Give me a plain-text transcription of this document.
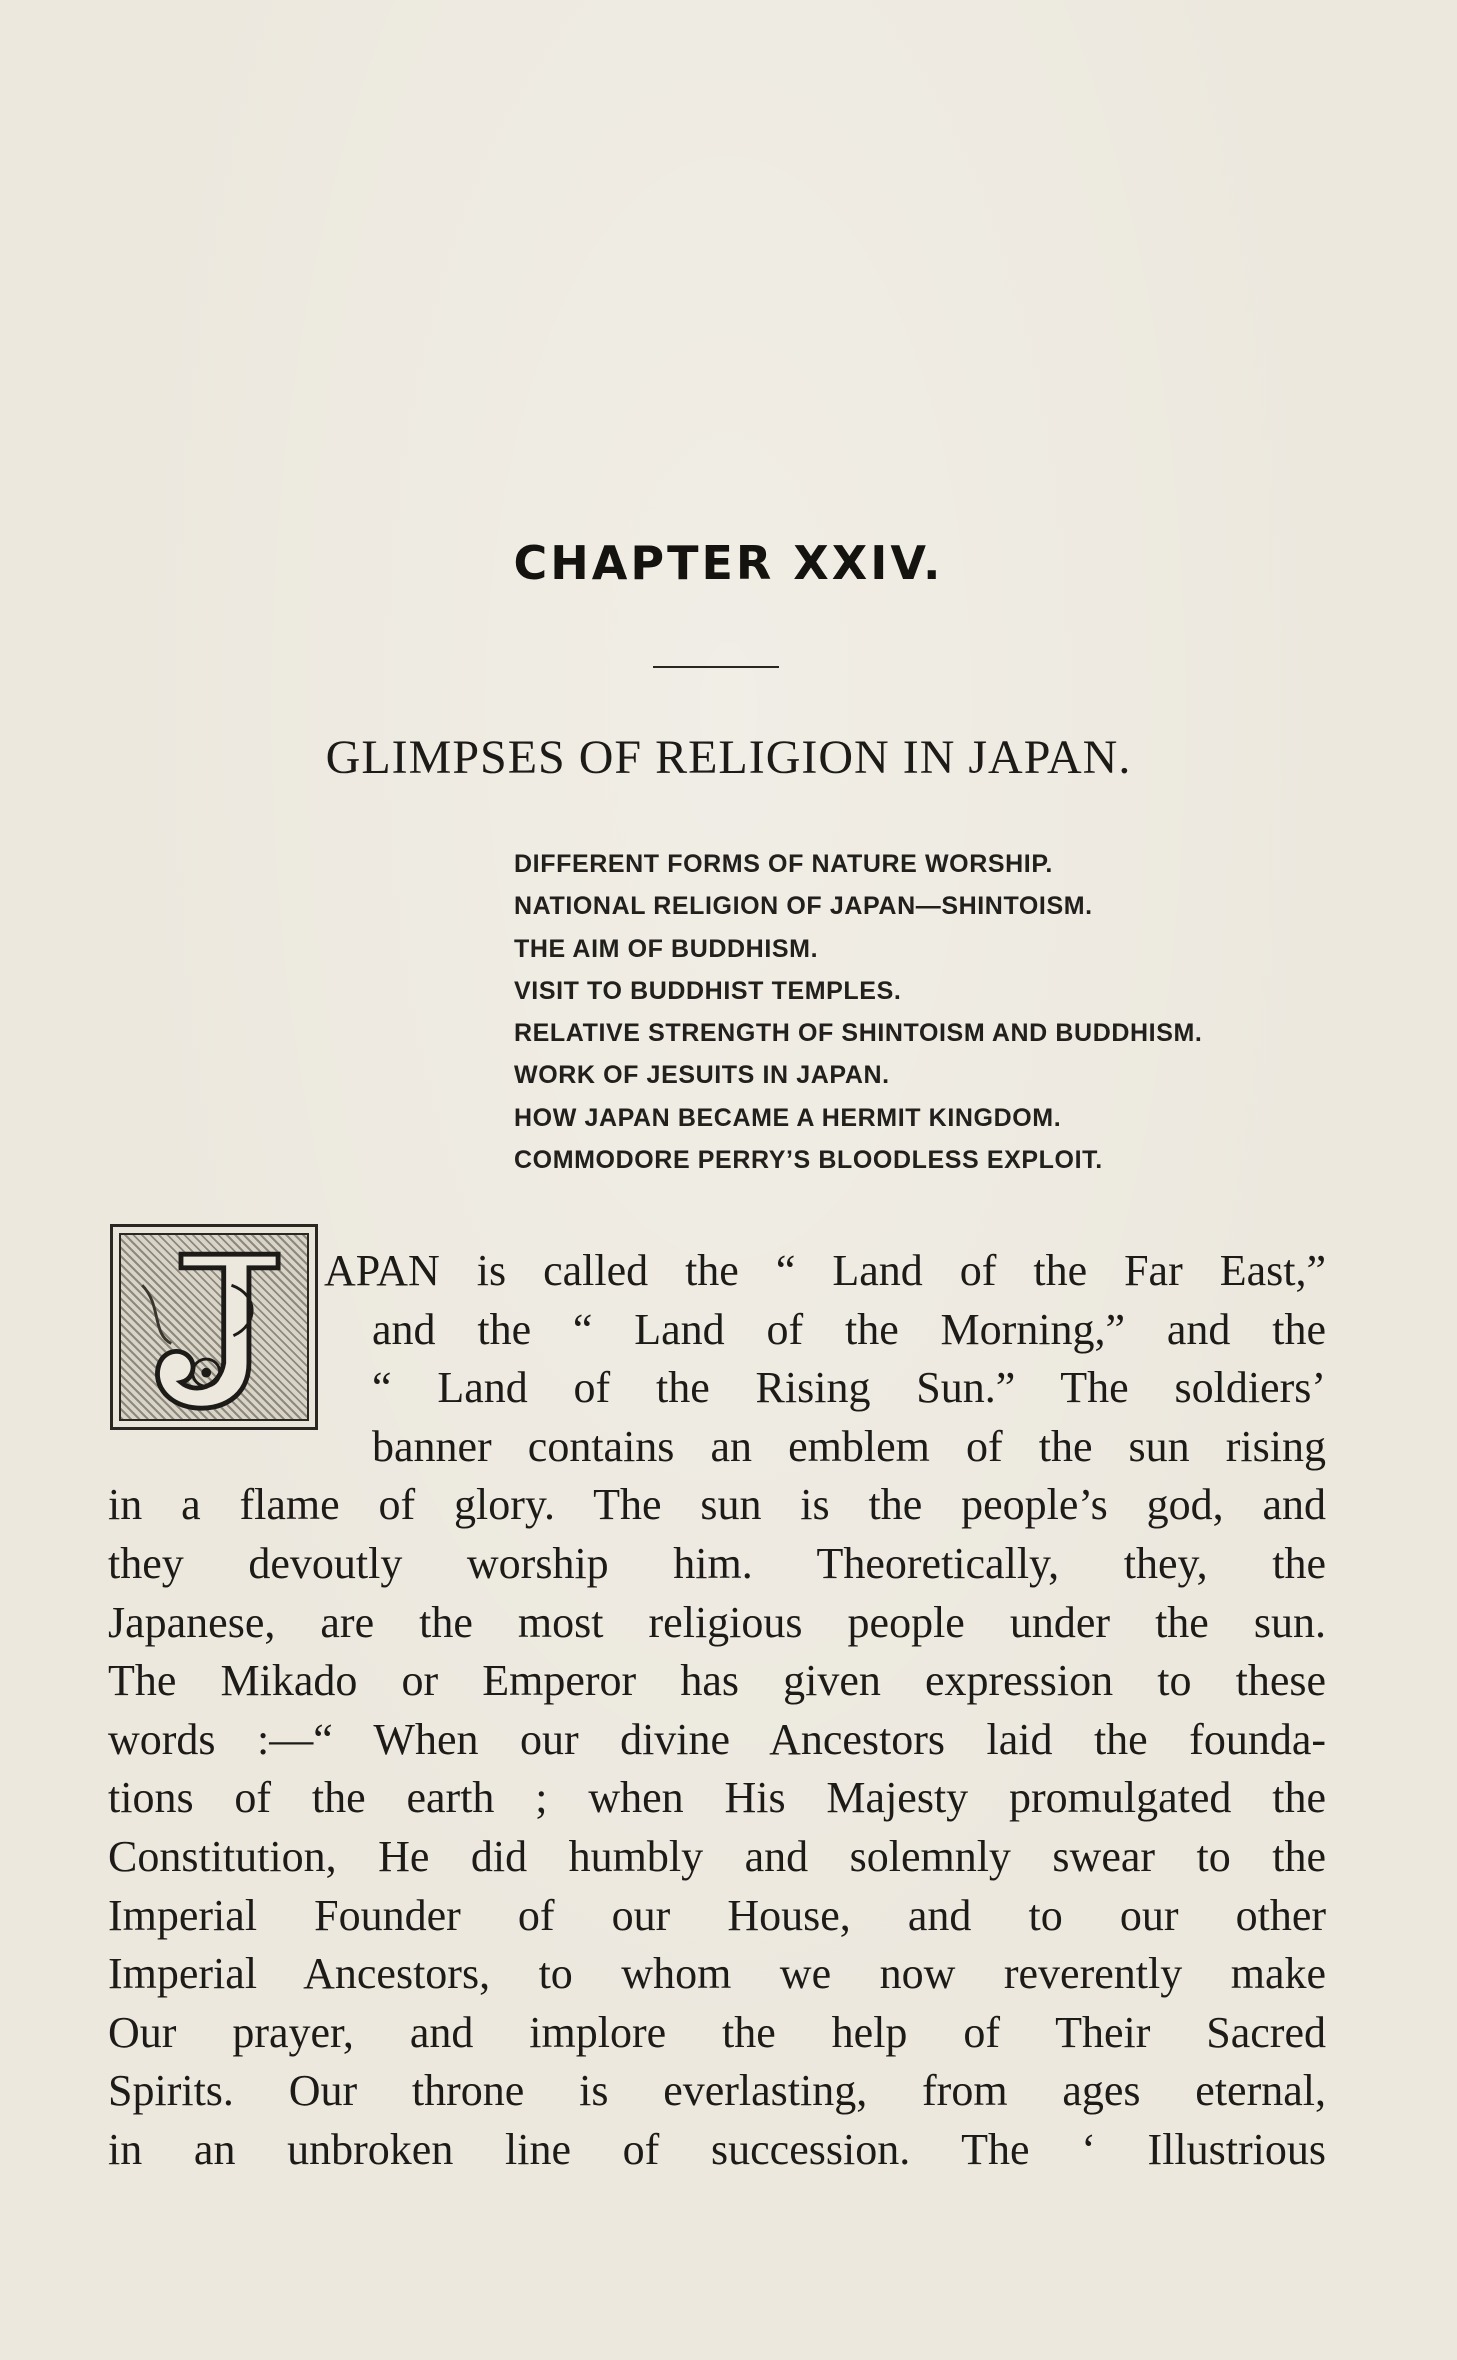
CHAPTER XXIV.
GLIMPSES OF RELIGION IN JAPAN.
DIFFERENT FORMS OF NATURE WORSHIP.
NATIONAL RELIGION OF JAPAN—SHINTOISM.
THE AIM OF BUDDHISM.
VISIT TO BUDDHIST TEMPLES.
RELATIVE STRENGTH OF SHINTOISM AND BUDDHISM.
WORK OF JESUITS IN JAPAN.
HOW JAPAN BECAME A HERMIT KINGDOM.
COMMODORE PERRY’S BLOODLESS EXPLOIT.
APAN is called the “ Land of the Far East,”
and the “ Land of the Morning,” and the
“ Land of the Rising Sun.” The soldiers’
banner contains an emblem of the sun rising
in a flame of glory. The sun is the people’s god, and
they devoutly worship him. Theoretically, they, the
Japanese, are the most religious people under the sun.
The Mikado or Emperor has given expression to these
words :—“ When our divine Ancestors laid the founda-
tions of the earth ; when His Majesty promulgated the
Constitution, He did humbly and solemnly swear to the
Imperial Founder of our House, and to our other
Imperial Ancestors, to whom we now reverently make
Our prayer, and implore the help of Their Sacred
Spirits. Our throne is everlasting, from ages eternal,
in an unbroken line of succession. The ‘ Illustrious
